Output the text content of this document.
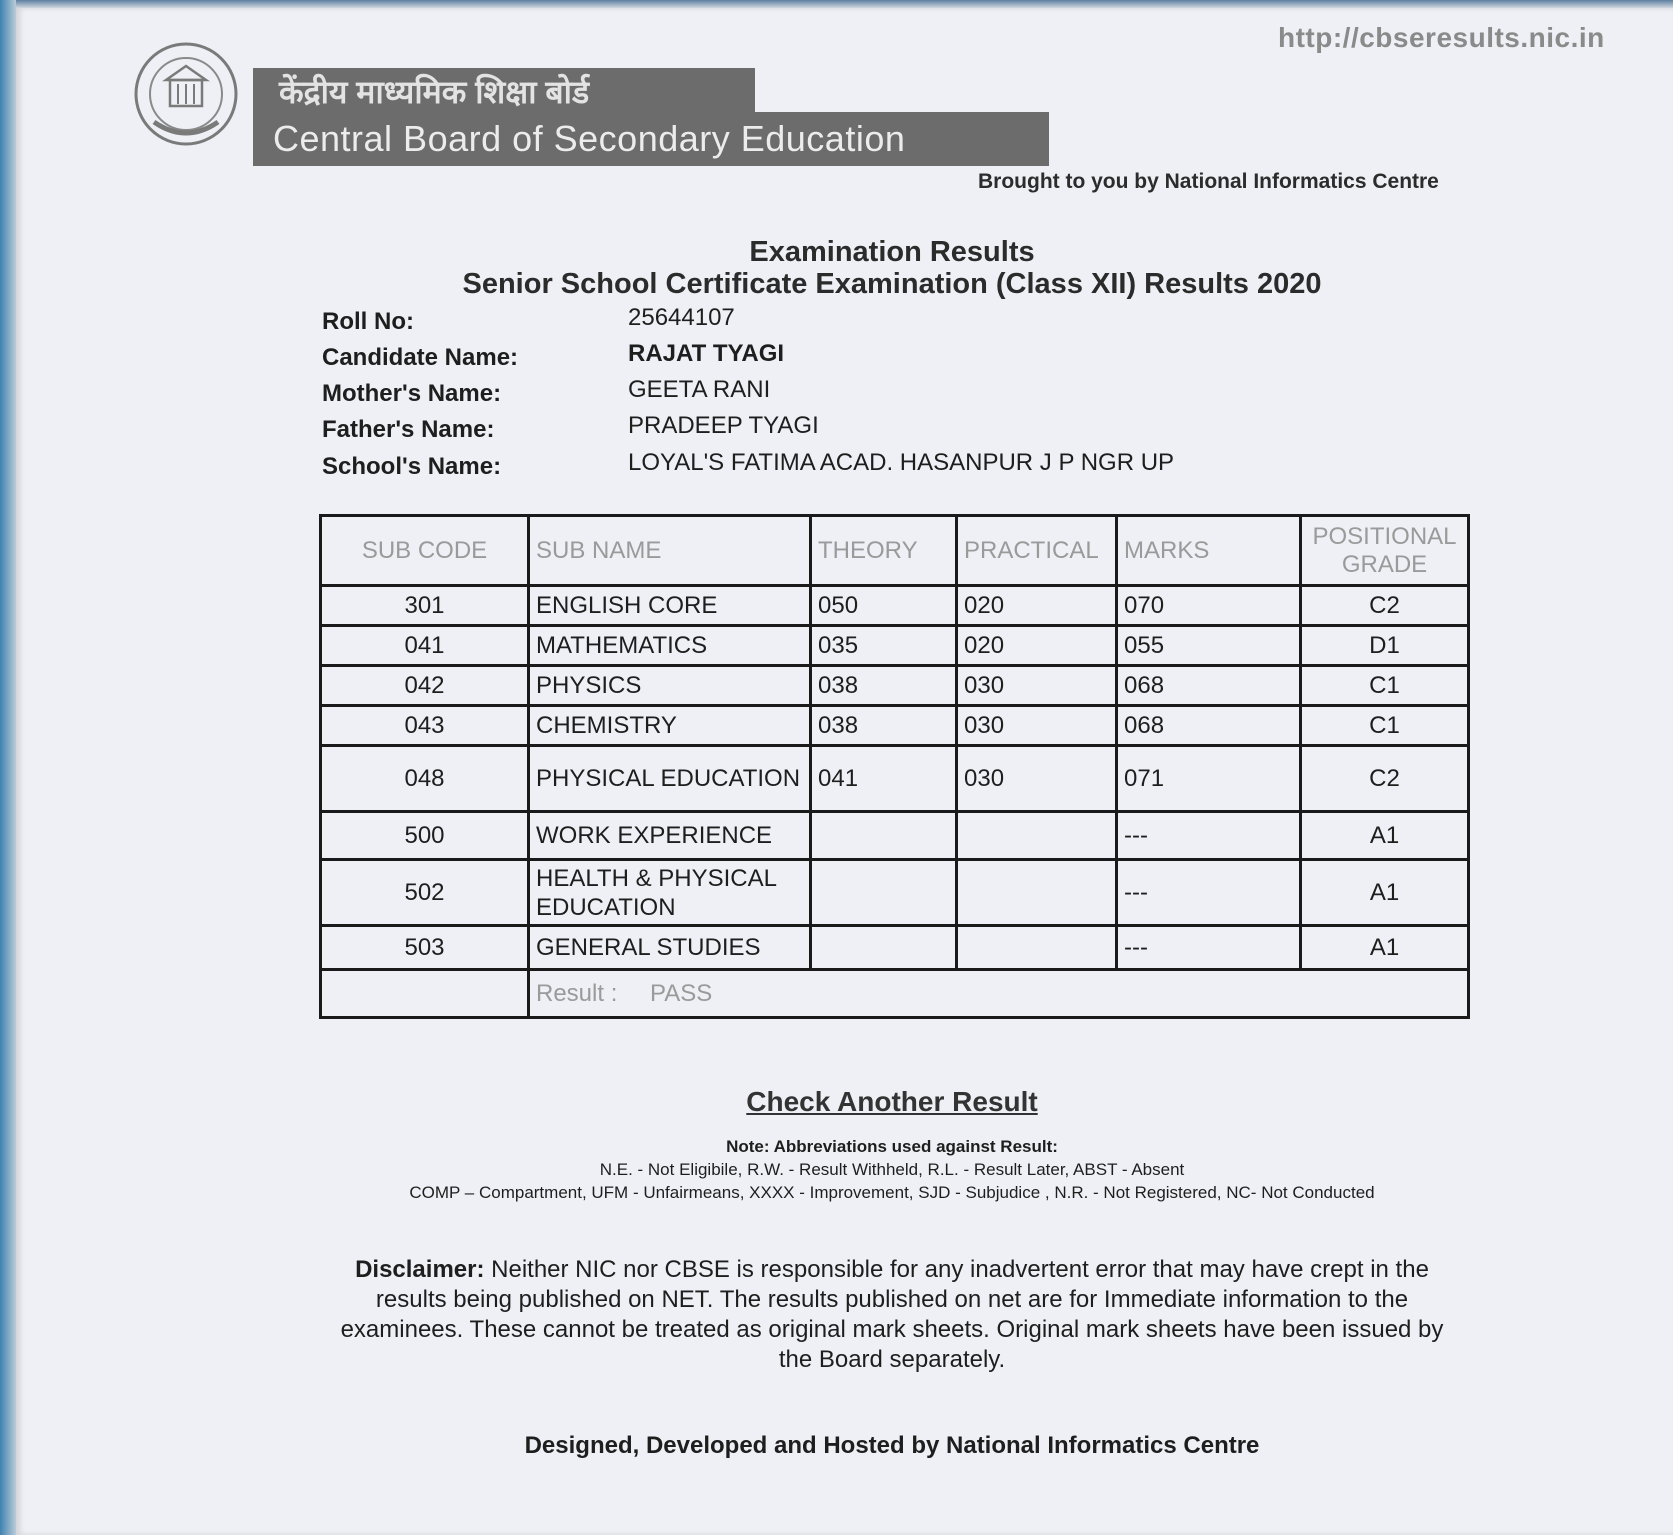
http://cbseresults.nic.in
केंद्रीय माध्यमिक शिक्षा बोर्ड
Central Board of Secondary Education
Brought to you by National Informatics Centre
Examination Results
Senior School Certificate Examination (Class XII) Results 2020
Roll No:	25644107
Candidate Name:	RAJAT TYAGI
Mother's Name:	GEETA RANI
Father's Name:	PRADEEP TYAGI
School's Name:	LOYAL'S FATIMA ACAD. HASANPUR J P NGR UP
SUB CODE	SUB NAME	THEORY	PRACTICAL	MARKS	POSITIONAL GRADE
301	ENGLISH CORE	050	020	070	C2
041	MATHEMATICS	035	020	055	D1
042	PHYSICS	038	030	068	C1
043	CHEMISTRY	038	030	068	C1
048	PHYSICAL EDUCATION	041	030	071	C2
500	WORK EXPERIENCE			---	A1
502	HEALTH & PHYSICAL EDUCATION			---	A1
503	GENERAL STUDIES			---	A1
	Result : PASS				
Check Another Result
Note: Abbreviations used against Result:
N.E. - Not Eligibile, R.W. - Result Withheld, R.L. - Result Later, ABST - Absent
COMP – Compartment, UFM - Unfairmeans, XXXX - Improvement, SJD - Subjudice , N.R. - Not Registered, NC- Not Conducted
Disclaimer: Neither NIC nor CBSE is responsible for any inadvertent error that may have crept in the results being published on NET. The results published on net are for Immediate information to the examinees. These cannot be treated as original mark sheets. Original mark sheets have been issued by the Board separately.
Designed, Developed and Hosted by National Informatics Centre
